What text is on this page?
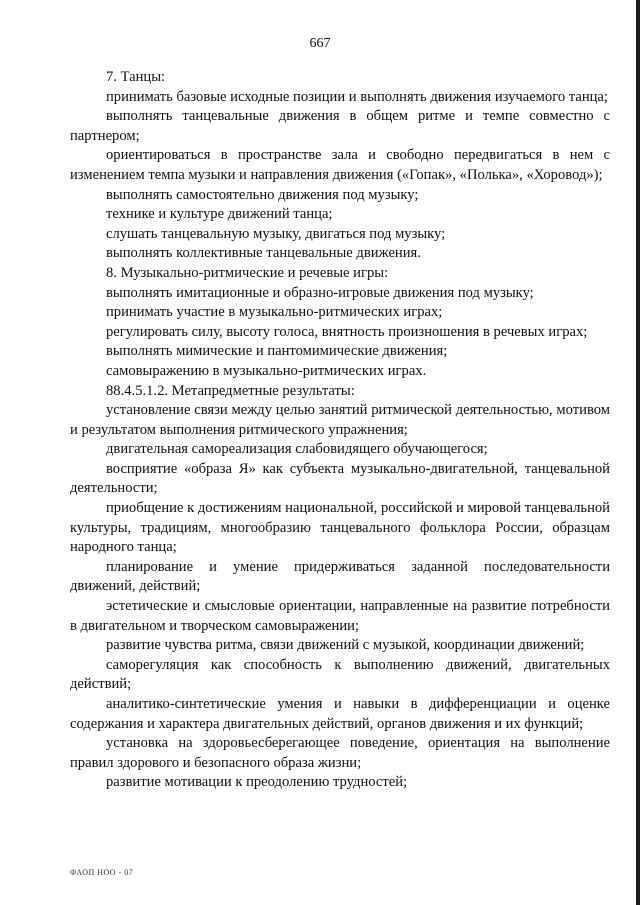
667

7. Танцы:

принимать базовые исходные позиции и выполнять движения изучаемого танца;

выполнять танцевальные движения в общем ритме и темпе совместно с партнером;

ориентироваться в пространстве зала и свободно передвигаться в нем с изменением темпа музыки и направления движения («Гопак», «Полька», «Хоровод»);

выполнять самостоятельно движения под музыку;

технике и культуре движений танца;

слушать танцевальную музыку, двигаться под музыку;

выполнять коллективные танцевальные движения.

8. Музыкально-ритмические и речевые игры:

выполнять имитационные и образно-игровые движения под музыку;

принимать участие в музыкально-ритмических играх;

регулировать силу, высоту голоса, внятность произношения в речевых играх;

выполнять мимические и пантомимические движения;

самовыражению в музыкально-ритмических играх.

88.4.5.1.2. Метапредметные результаты:

установление связи между целью занятий ритмической деятельностью, мотивом и результатом выполнения ритмического упражнения;

двигательная самореализация слабовидящего обучающегося;

восприятие «образа Я» как субъекта музыкально-двигательной, танцевальной деятельности;

приобщение к достижениям национальной, российской и мировой танцевальной культуры, традициям, многообразию танцевального фольклора России, образцам народного танца;

планирование и умение придерживаться заданной последовательности движений, действий;

эстетические и смысловые ориентации, направленные на развитие потребности в двигательном и творческом самовыражении;

развитие чувства ритма, связи движений с музыкой, координации движений;

саморегуляция как способность к выполнению движений, двигательных действий;

аналитико-синтетические умения и навыки в дифференциации и оценке содержания и характера двигательных действий, органов движения и их функций;

установка на здоровьесберегающее поведение, ориентация на выполнение правил здорового и безопасного образа жизни;

развитие мотивации к преодолению трудностей;

ФАОП НОО - 07
